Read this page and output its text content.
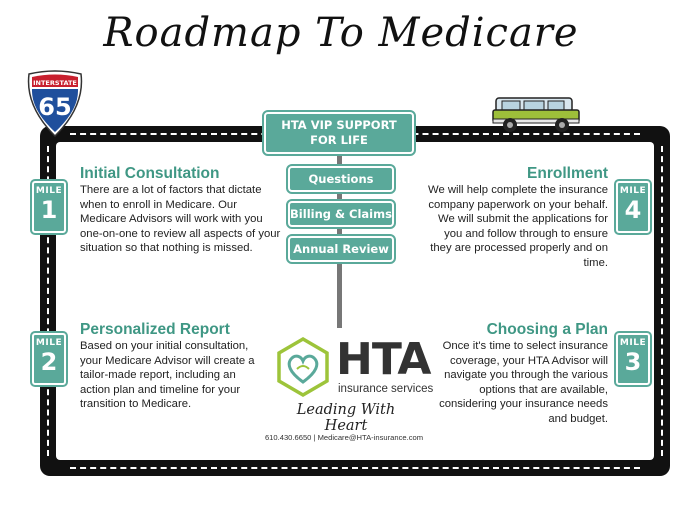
Roadmap To Medicare
INTERSTATE
65
MILE
1
MILE
2
MILE
3
MILE
4
HTA VIP SUPPORT FOR LIFE
Questions
Billing & Claims
Annual Review
Initial Consultation

There are a lot of factors that dictate when to enroll in Medicare. Our Medicare Advisors will work with you one-on-one to review all aspects of your situation so that nothing is missed.

Personalized Report

Based on your initial consultation, your Medicare Advisor will create a tailor-made report, including an action plan and timeline for your transition to Medicare.

Enrollment

We will help complete the insurance company paperwork on your behalf. We will submit the applications for you and follow through to ensure they are processed properly and on time.

Choosing a Plan

Once it's time to select insurance coverage, your HTA Advisor will navigate you through the various options that are available, considering your insurance needs and budget.

HTA
insurance services
Leading With Heart
610.430.6650 | Medicare@HTA-insurance.com
